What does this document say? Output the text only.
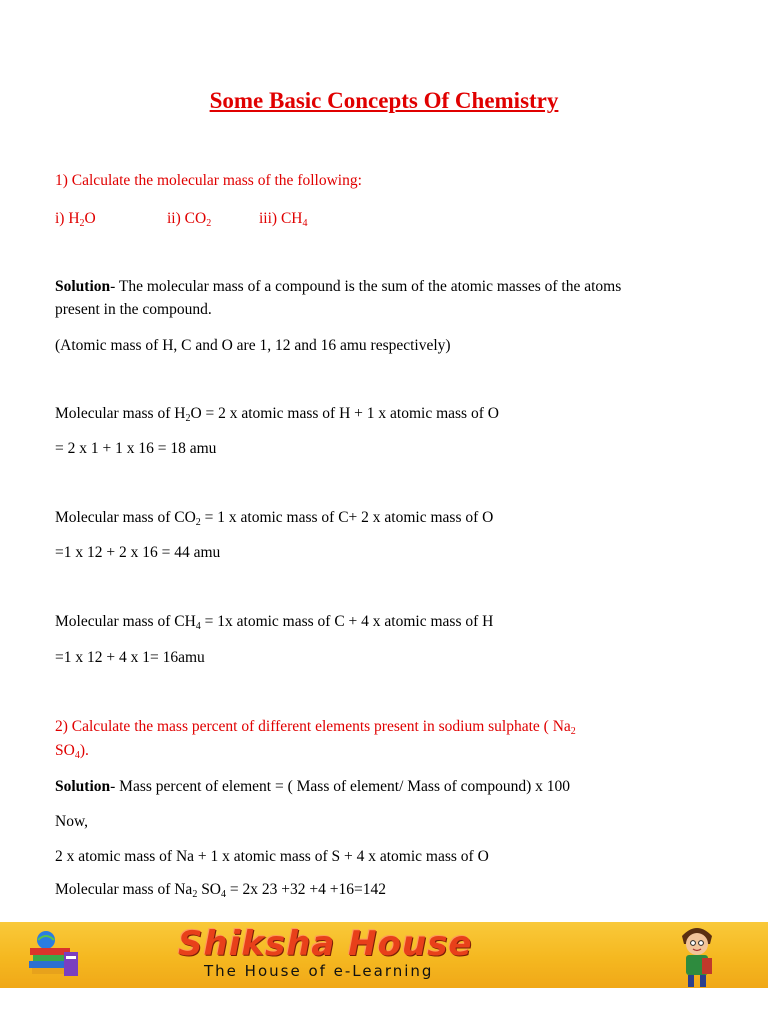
Some Basic Concepts Of Chemistry
1) Calculate the molecular mass of the following:
i) $H_2O$	ii) $CO_2$	iii) $CH_4$
Solution- The molecular mass of a compound is the sum of the atomic masses of the atoms
present in the compound.
(Atomic mass of H, C and O are 1, 12 and 16 amu respectively)
Molecular mass of $H_2O = 2$ x atomic mass of H + 1 x atomic mass of O
= 2 x 1 + 1 x 16 = 18 amu
Molecular mass of $CO_2 = 1$ x atomic mass of C+ 2 x atomic mass of O
=1 x 12 + 2 x 16 = 44 amu
Molecular mass of $CH_4 = 1x$ atomic mass of C + 4 x atomic mass of H
=1 x 12 + 4 x 1= 16amu
2) Calculate the mass percent of different elements present in sodium sulphate ( $Na_2$
$SO_4$).
Solution- Mass percent of element = ( Mass of element/ Mass of compound) x 100
Now,
2 x atomic mass of Na + 1 x atomic mass of S + 4 x atomic mass of O
Molecular mass of $Na_2$ $SO_4 = 2x$ 23 +32 +4 +16=142
Shiksha House
The House of e-Learning
